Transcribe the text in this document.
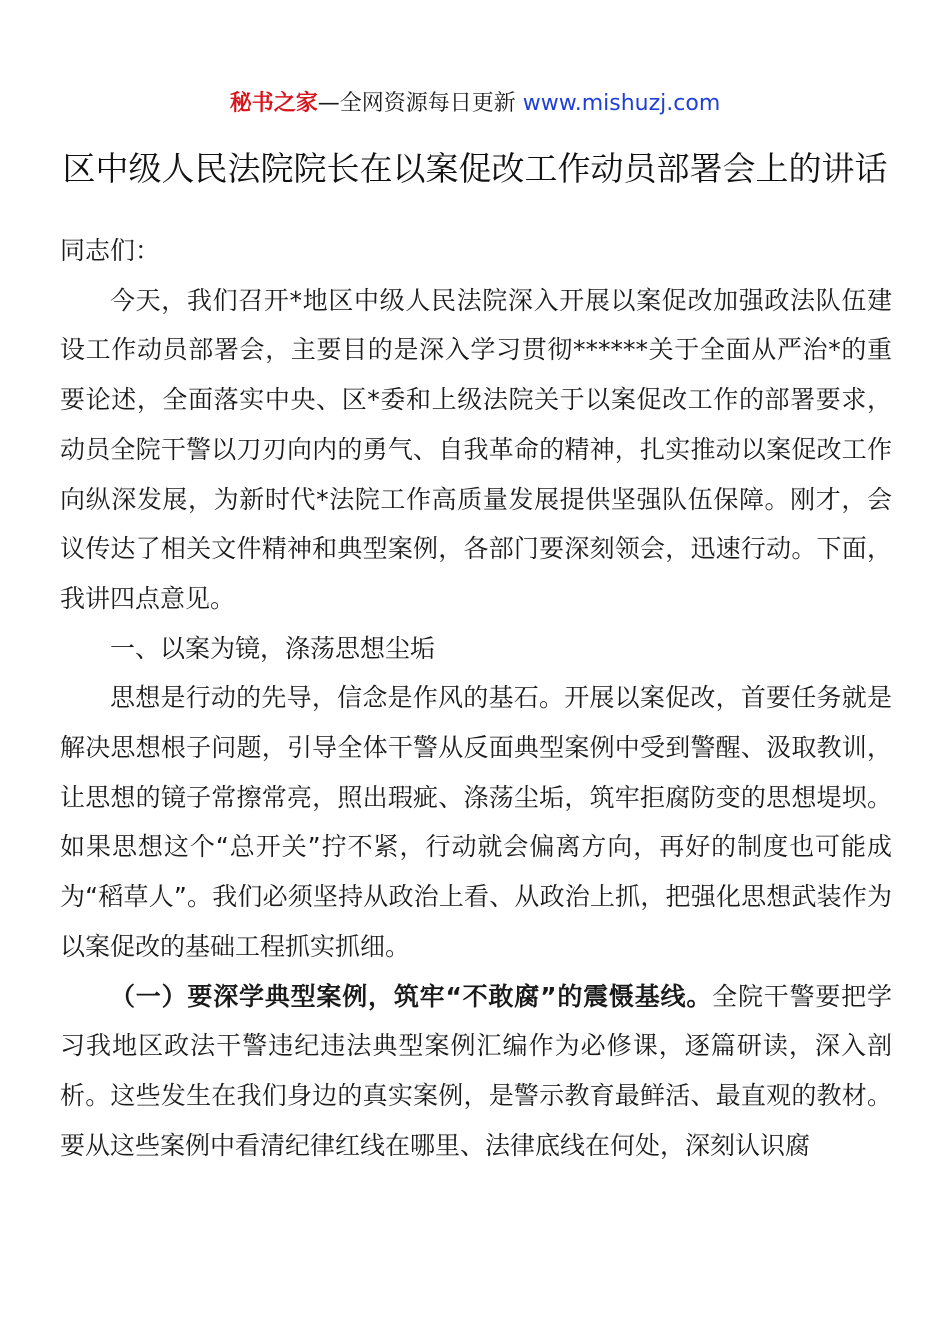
秘书之家—全网资源每日更新 www.mishuzj.com
区中级人民法院院长在以案促改工作动员部署会上的讲话

同志们：

今天，我们召开*地区中级人民法院深入开展以案促改加强政法队伍建设工作动员部署会，主要目的是深入学习贯彻******关于全面从严治*的重要论述，全面落实中央、区*委和上级法院关于以案促改工作的部署要求，动员全院干警以刀刃向内的勇气、自我革命的精神，扎实推动以案促改工作向纵深发展，为新时代*法院工作高质量发展提供坚强队伍保障。刚才，会议传达了相关文件精神和典型案例，各部门要深刻领会，迅速行动。下面，我讲四点意见。

一、以案为镜，涤荡思想尘垢

思想是行动的先导，信念是作风的基石。开展以案促改，首要任务就是解决思想根子问题，引导全体干警从反面典型案例中受到警醒、汲取教训，让思想的镜子常擦常亮，照出瑕疵、涤荡尘垢，筑牢拒腐防变的思想堤坝。如果思想这个“总开关”拧不紧，行动就会偏离方向，再好的制度也可能成为“稻草人”。我们必须坚持从政治上看、从政治上抓，把强化思想武装作为以案促改的基础工程抓实抓细。

（一）要深学典型案例，筑牢“不敢腐”的震慑基线。全院干警要把学习我地区政法干警违纪违法典型案例汇编作为必修课，逐篇研读，深入剖析。这些发生在我们身边的真实案例，是警示教育最鲜活、最直观的教材。要从这些案例中看清纪律红线在哪里、法律底线在何处，深刻认识腐
